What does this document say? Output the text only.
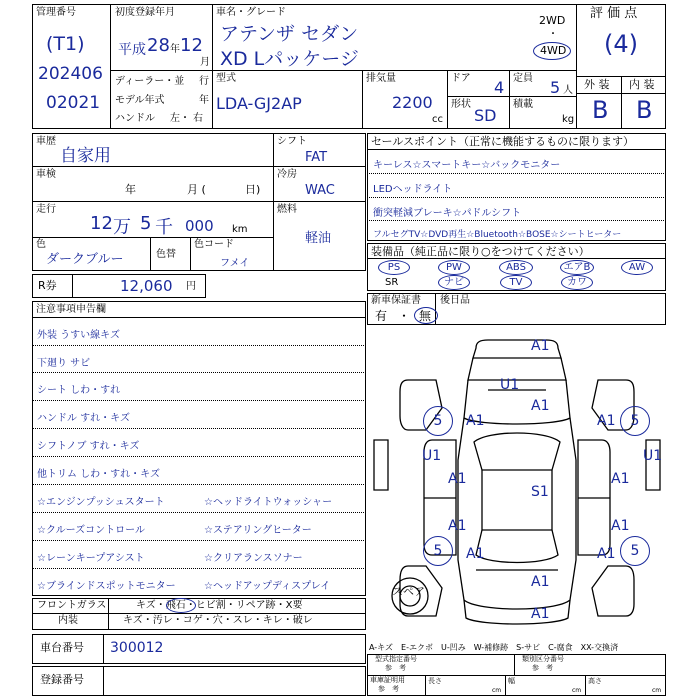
管理番号
(T1)
202406
02021
初度登録年月
平成 28 年 12
月
ディーラー・並 行
モデル年式	年
ハンドル 左 ・ 右
車名・グレード
アテンザ セダン
XD Lパッケージ
2WD
・
4WD
型式
LDA-GJ2AP
排気量
2200
cc
ドア 4 定員 5 人
形状
SD
積載
kg
評 価 点
(4)
外 装 内 装
B B
車歴
自家用
車検
年	月 (	日)
走行
12 万 5 千 000 km
色
ダークブルー	色替
色コード
フメイ
シフト
FAT
冷房
WAC
燃料
軽油
R券	12,060 円
セールスポイント（正常に機能するものに限ります）
キーレス☆スマートキー☆バックモニター
LEDヘッドライト
衝突軽減ブレーキ☆パドルシフト
フルセグTV☆DVD再生☆Bluetooth☆BOSE☆シートヒーター
装備品（純正品に限り○をつけてください）
PS	PW	ABS	エアB	AW
SR	ナビ	TV	カワ
新車保証書
有 ・ 無
後日品
注意事項申告欄
外装 うすい線キズ
下廻り サビ
シート しわ・すれ
ハンドル すれ・キズ
シフトノブ すれ・キズ
他トリム しわ・すれ・キズ
☆エンジンプッシュスタート
☆クルーズコントロール
☆レーンキープアシスト
☆ブラインドスポットモニター
☆ヘッドライトウォッシャー
☆ステアリングヒーター
☆クリアランスソナー
☆ヘッドアップディスプレイ
フロントガラス	キズ・飛石・ヒビ割・リペア跡・X要
内装	キズ・汚レ・コゲ・穴・スレ・キレ・破レ
車台番号 300012
登録番号
A-キズ　E-エクボ　U-凹み　W-補修跡　S-サビ　C-腐食　XX-交換済
型式指定番号
参　考
類別区分番号
参　考
車庫証明用
参　考
長さ	幅	高さ
cm	cm	cm
スペア
A1
U1
A1
5	A1	A1	5
U1
A1	A1
U1
S1
A1	A1
5	A1	A1	5
A1
A1
